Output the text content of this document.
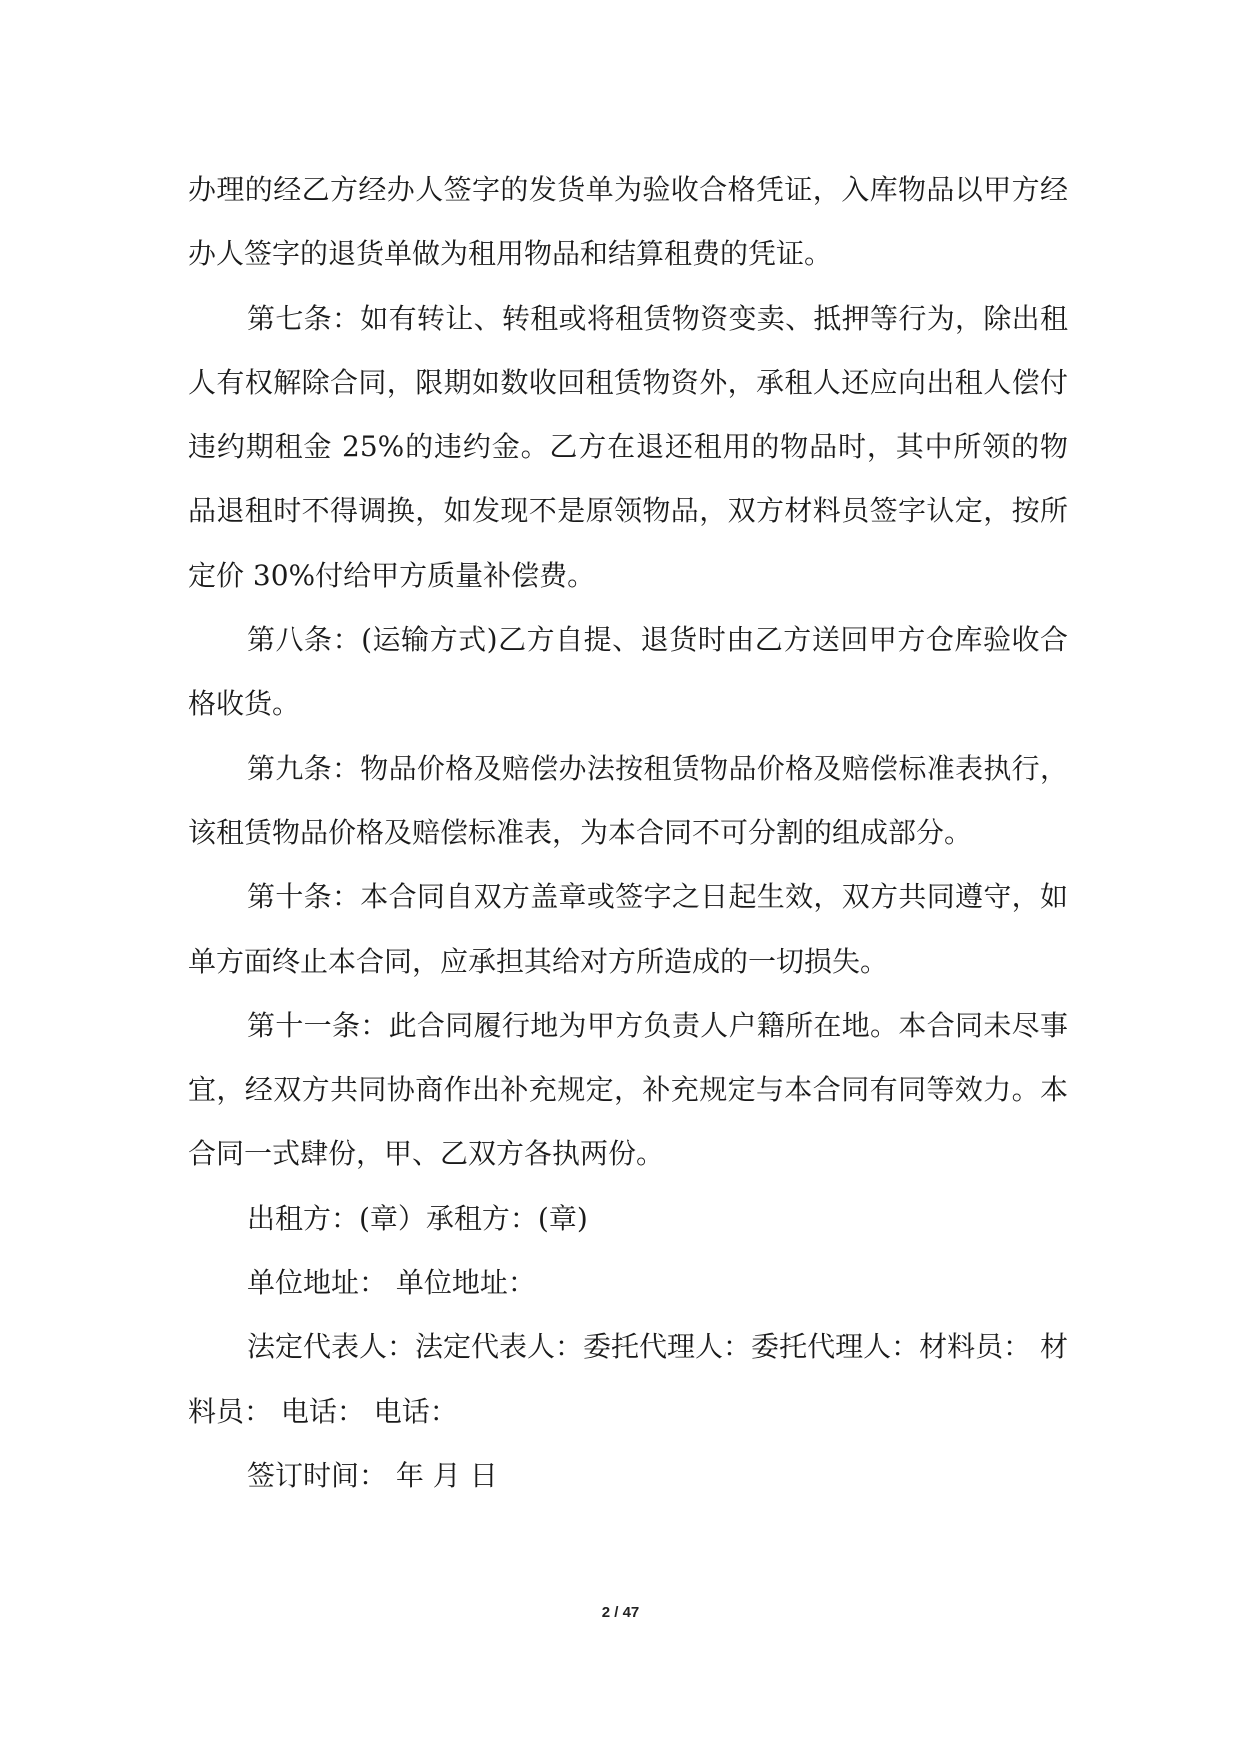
办理的经乙方经办人签字的发货单为验收合格凭证，入库物品以甲方经办人签字的退货单做为租用物品和结算租费的凭证。

第七条：如有转让、转租或将租赁物资变卖、抵押等行为，除出租人有权解除合同，限期如数收回租赁物资外，承租人还应向出租人偿付违约期租金 25%的违约金。乙方在退还租用的物品时，其中所领的物品退租时不得调换，如发现不是原领物品，双方材料员签字认定，按所定价 30%付给甲方质量补偿费。

第八条：(运输方式)乙方自提、退货时由乙方送回甲方仓库验收合格收货。

第九条：物品价格及赔偿办法按租赁物品价格及赔偿标准表执行，该租赁物品价格及赔偿标准表，为本合同不可分割的组成部分。

第十条：本合同自双方盖章或签字之日起生效，双方共同遵守，如单方面终止本合同，应承担其给对方所造成的一切损失。

第十一条：此合同履行地为甲方负责人户籍所在地。本合同未尽事宜，经双方共同协商作出补充规定，补充规定与本合同有同等效力。本合同一式肆份，甲、乙双方各执两份。

出租方：(章）承租方：(章)

单位地址： 单位地址：

法定代表人：法定代表人：委托代理人：委托代理人：材料员： 材料员： 电话： 电话：

签订时间： 年 月 日

2 / 47
